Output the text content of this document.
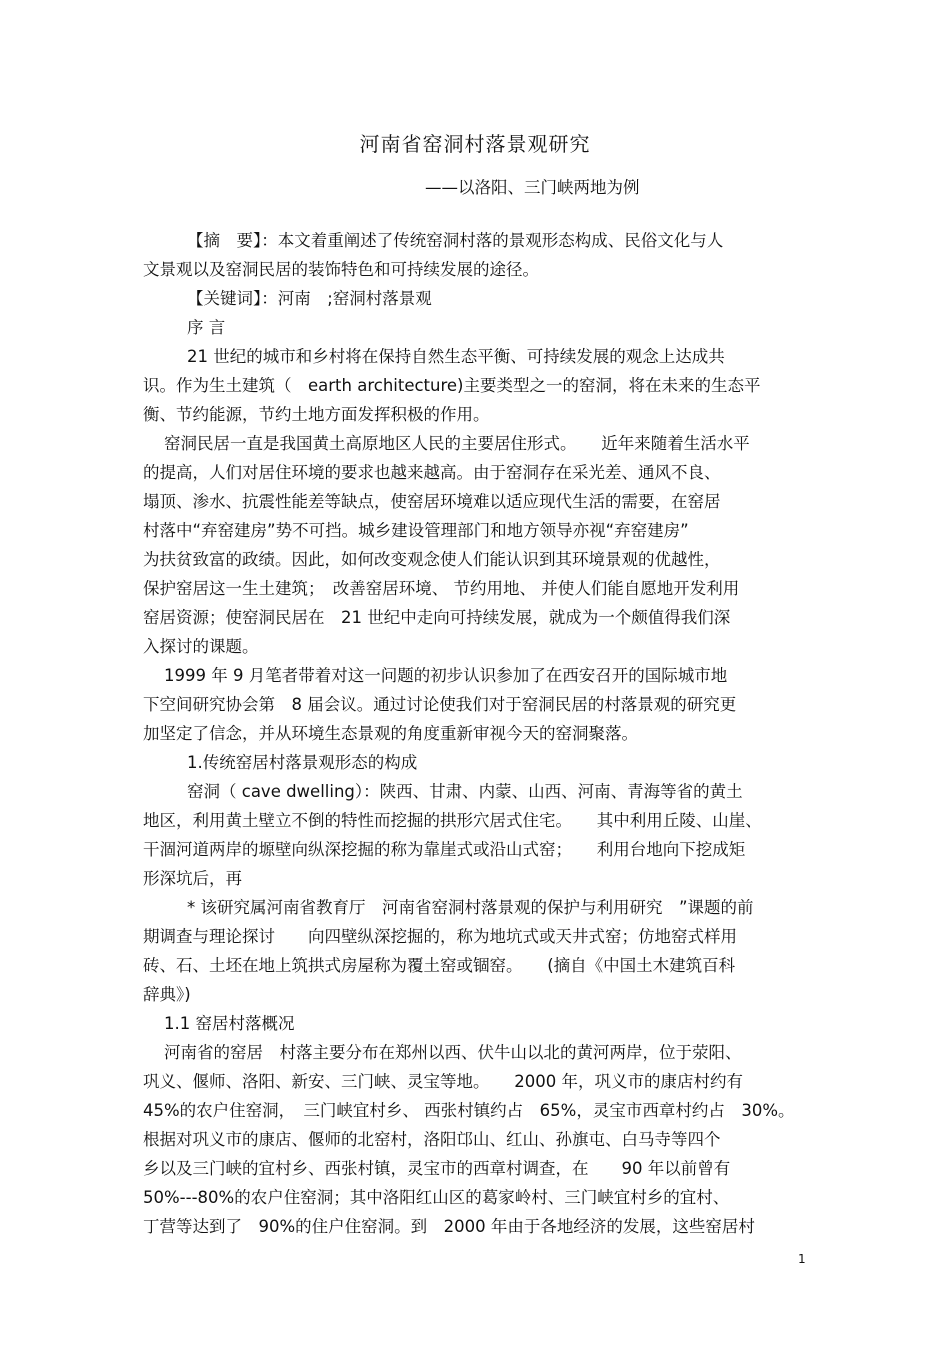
河南省窑洞村落景观研究
——以洛阳、三门峡两地为例
【摘　要】：本文着重阐述了传统窑洞村落的景观形态构成、民俗文化与人
文景观以及窑洞民居的装饰特色和可持续发展的途径。
【关键词】：河南　;窑洞村落景观
序 言
21 世纪的城市和乡村将在保持自然生态平衡、可持续发展的观念上达成共
识。作为生土建筑（　earth architecture)主要类型之一的窑洞，将在未来的生态平
衡、节约能源，节约土地方面发挥积极的作用。
窑洞民居一直是我国黄土高原地区人民的主要居住形式。　　近年来随着生活水平
的提高，人们对居住环境的要求也越来越高。由于窑洞存在采光差、通风不良、
塌顶、渗水、抗震性能差等缺点，使窑居环境难以适应现代生活的需要，在窑居
村落中“弃窑建房”势不可挡。城乡建设管理部门和地方领导亦视“弃窑建房”
为扶贫致富的政绩。因此，如何改变观念使人们能认识到其环境景观的优越性，
保护窑居这一生土建筑；　改善窑居环境、 节约用地、 并使人们能自愿地开发利用
窑居资源；使窑洞民居在　21 世纪中走向可持续发展，就成为一个颇值得我们深
入探讨的课题。
1999 年 9 月笔者带着对这一问题的初步认识参加了在西安召开的国际城市地
下空间研究协会第　8 届会议。通过讨论使我们对于窑洞民居的村落景观的研究更
加坚定了信念，并从环境生态景观的角度重新审视今天的窑洞聚落。
1.传统窑居村落景观形态的构成
窑洞（ cave dwelling）：陕西、甘肃、内蒙、山西、河南、青海等省的黄土
地区，利用黄土壁立不倒的特性而挖掘的拱形穴居式住宅。　　其中利用丘陵、山崖、
干涸河道两岸的塬壁向纵深挖掘的称为靠崖式或沿山式窑；　　利用台地向下挖成矩
形深坑后，再
* 该研究属河南省教育厅　河南省窑洞村落景观的保护与利用研究　”课题的前
期调查与理论探讨　　向四壁纵深挖掘的，称为地坑式或天井式窑；仿地窑式样用
砖、石、土坯在地上筑拱式房屋称为覆土窑或锢窑。　　(摘自《中国土木建筑百科
辞典》)
1.1 窑居村落概况
河南省的窑居　村落主要分布在郑州以西、伏牛山以北的黄河两岸，位于荥阳、
巩义、偃师、洛阳、新安、三门峡、灵宝等地。　　2000 年，巩义市的康店村约有
45%的农户住窑洞，　三门峡宜村乡、 西张村镇约占　65%，灵宝市西章村约占　30%。
根据对巩义市的康店、偃师的北窑村，洛阳邙山、红山、孙旗屯、白马寺等四个
乡以及三门峡的宜村乡、西张村镇，灵宝市的西章村调查，在　　90 年以前曾有
50%---80%的农户住窑洞；其中洛阳红山区的葛家岭村、三门峡宜村乡的宜村、
丁营等达到了　90%的住户住窑洞。到　2000 年由于各地经济的发展，这些窑居村
1
